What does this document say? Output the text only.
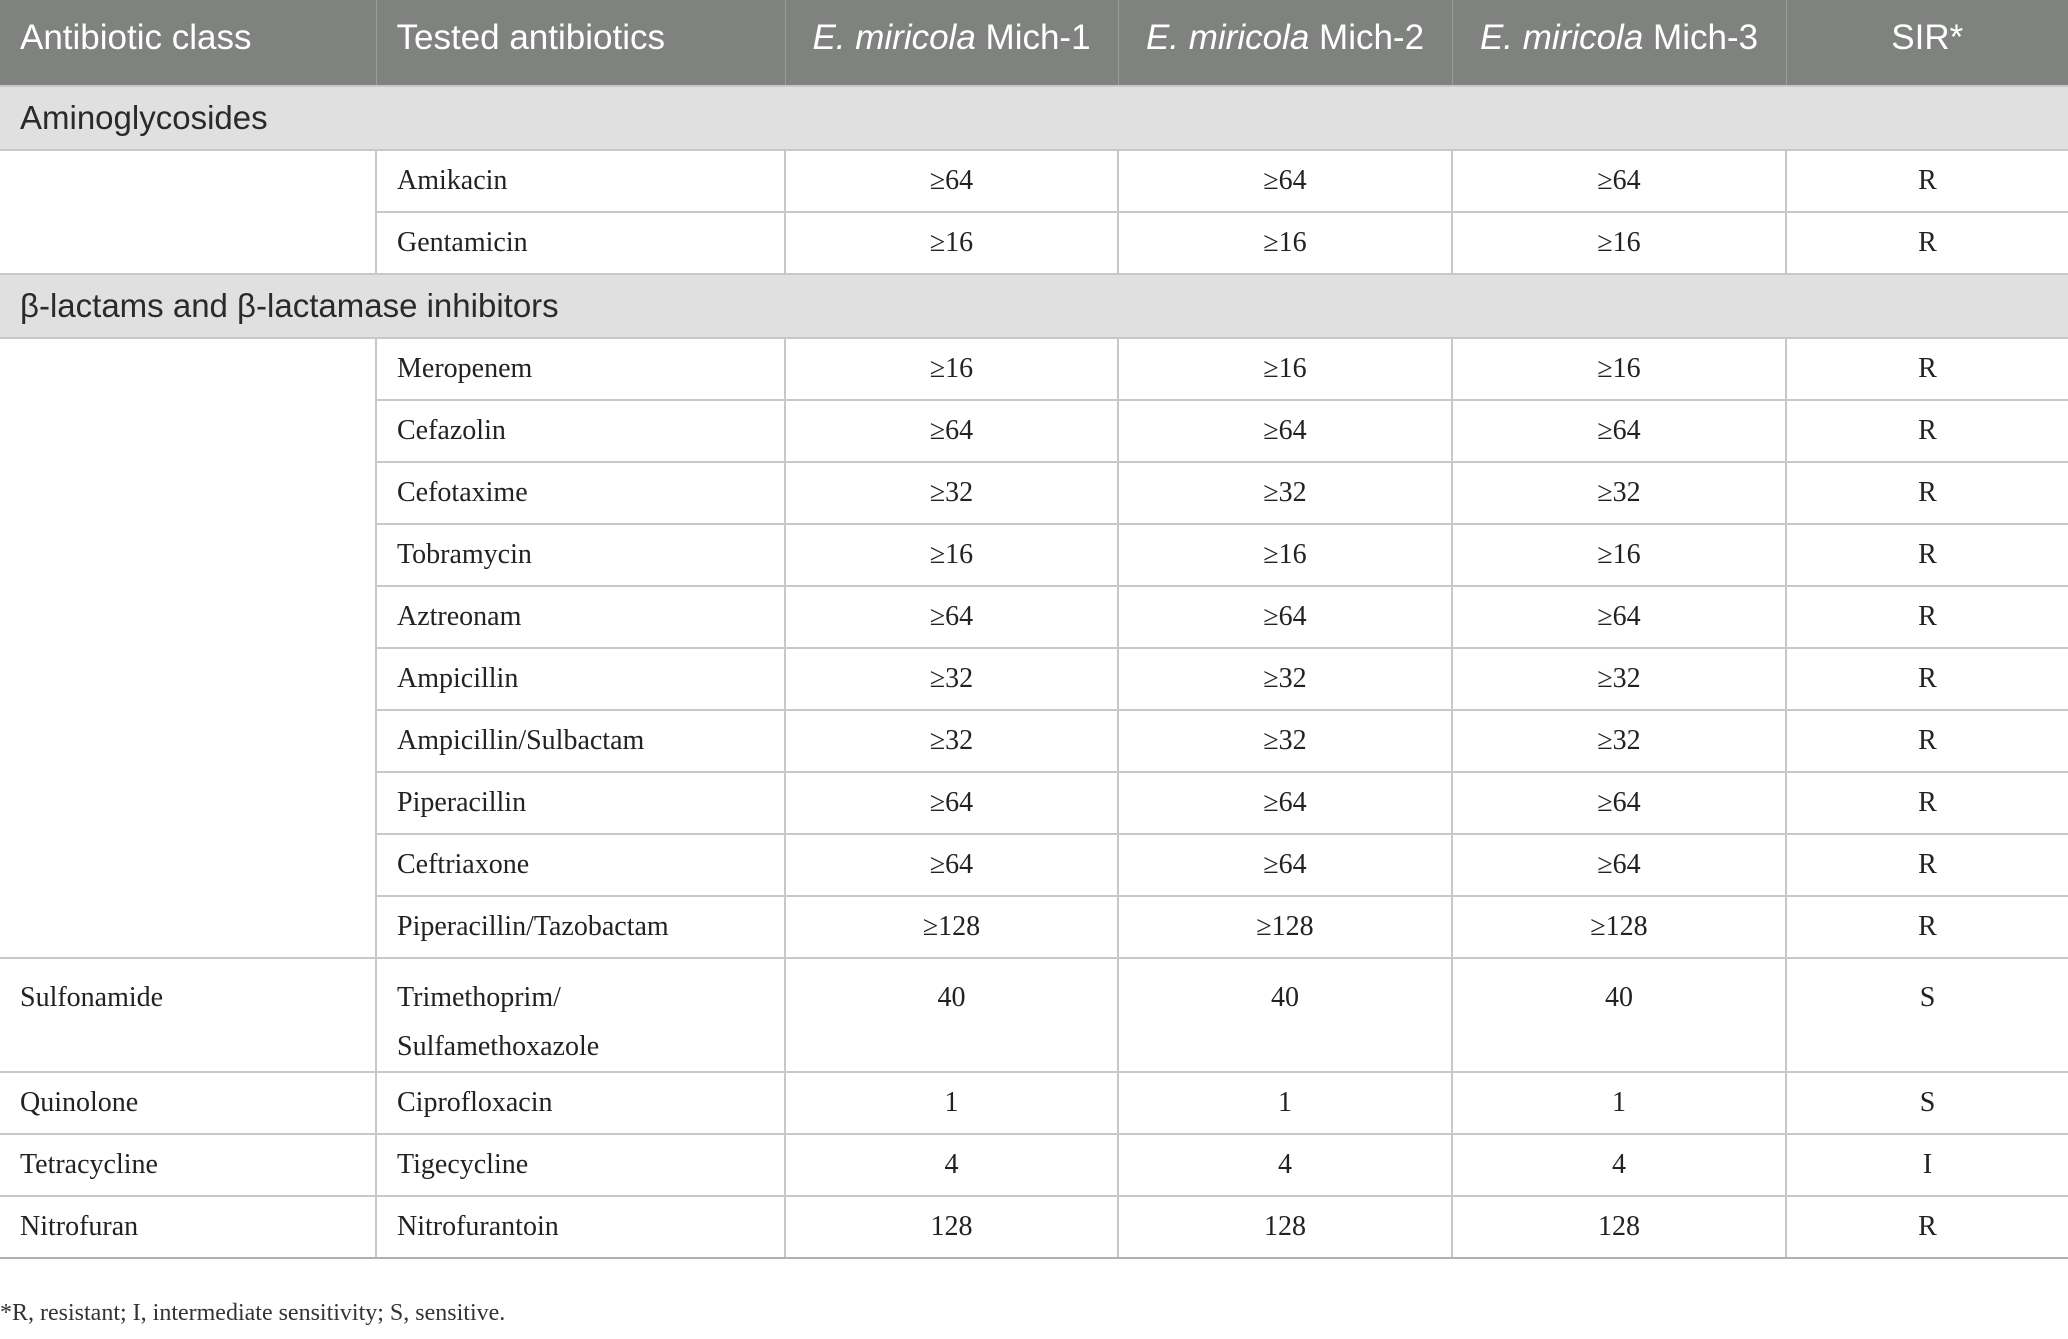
Antibiotic class	Tested antibiotics	E. miricola Mich-1	E. miricola Mich-2	E. miricola Mich-3	SIR*
Aminoglycosides					
	Amikacin	≥64	≥64	≥64	R
	Gentamicin	≥16	≥16	≥16	R
β-lactams and β-lactamase inhibitors					
	Meropenem	≥16	≥16	≥16	R
	Cefazolin	≥64	≥64	≥64	R
	Cefotaxime	≥32	≥32	≥32	R
	Tobramycin	≥16	≥16	≥16	R
	Aztreonam	≥64	≥64	≥64	R
	Ampicillin	≥32	≥32	≥32	R
	Ampicillin/Sulbactam	≥32	≥32	≥32	R
	Piperacillin	≥64	≥64	≥64	R
	Ceftriaxone	≥64	≥64	≥64	R
	Piperacillin/Tazobactam	≥128	≥128	≥128	R
Sulfonamide	Trimethoprim/ Sulfamethoxazole	40	40	40	S
Quinolone	Ciprofloxacin	1	1	1	S
Tetracycline	Tigecycline	4	4	4	I
Nitrofuran	Nitrofurantoin	128	128	128	R
*R, resistant; I, intermediate sensitivity; S, sensitive.
